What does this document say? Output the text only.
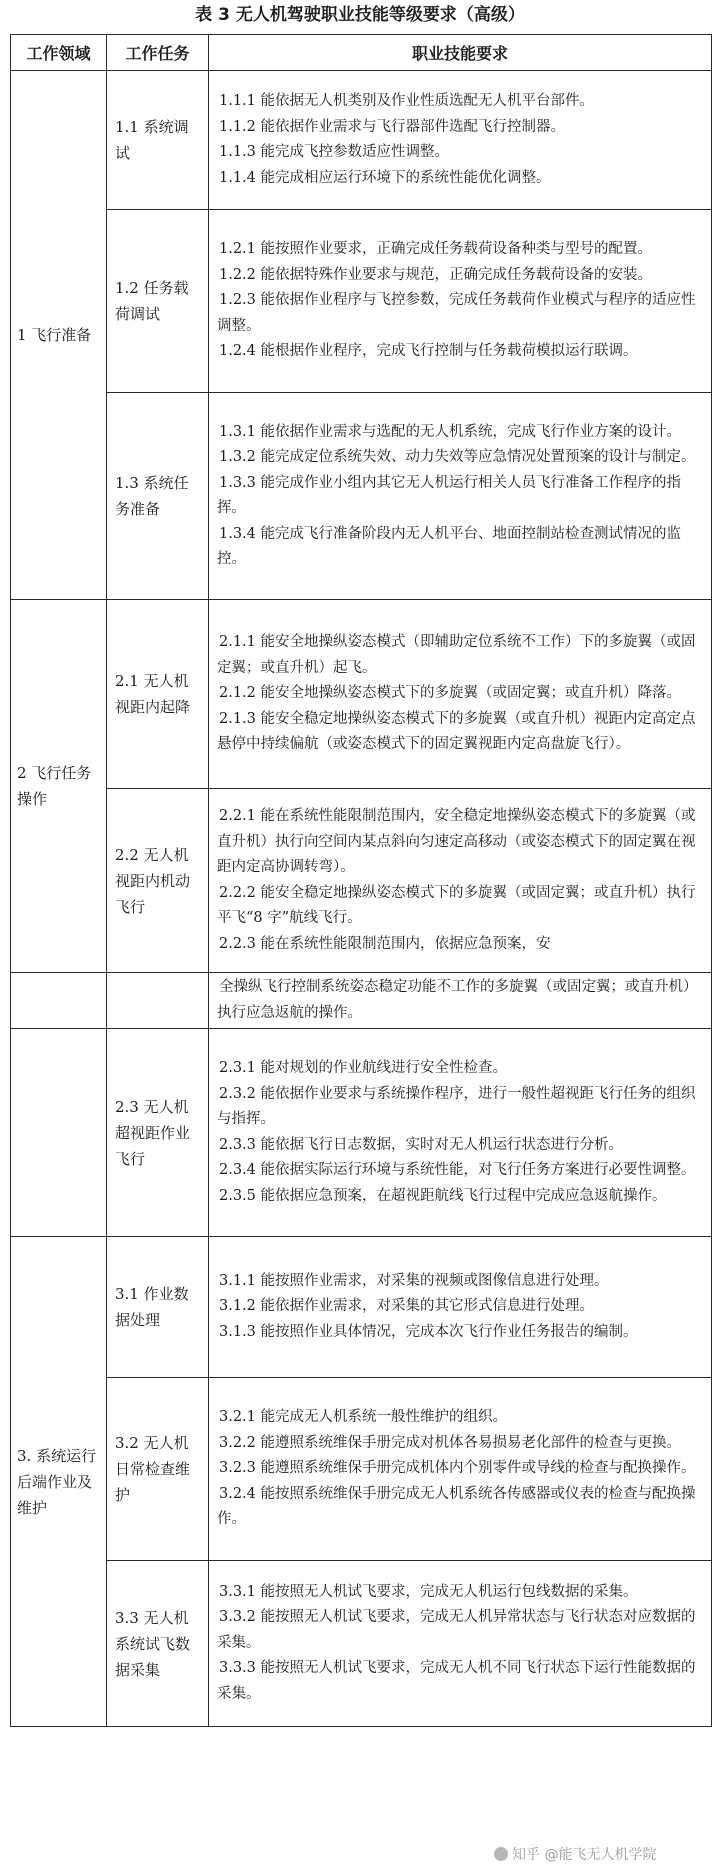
表 3 无人机驾驶职业技能等级要求（高级）
工作领域	工作任务	职业技能要求
1 飞行准备	1.1 系统调试	1.1.1 能依据无人机类别及作业性质选配无人机平台部件。

1.1.2 能依据作业需求与飞行器部件选配飞行控制器。

1.1.3 能完成飞控参数适应性调整。

1.1.4 能完成相应运行环境下的系统性能优化调整。

	1.2 任务载荷调试	1.2.1 能按照作业要求，正确完成任务载荷设备种类与型号的配置。

1.2.2 能依据特殊作业要求与规范，正确完成任务载荷设备的安装。

1.2.3 能依据作业程序与飞控参数，完成任务载荷作业模式与程序的适应性调整。

1.2.4 能根据作业程序，完成飞行控制与任务载荷模拟运行联调。

	1.3 系统任务准备	1.3.1 能依据作业需求与选配的无人机系统，完成飞行作业方案的设计。

1.3.2 能完成定位系统失效、动力失效等应急情况处置预案的设计与制定。

1.3.3 能完成作业小组内其它无人机运行相关人员飞行准备工作程序的指挥。

1.3.4 能完成飞行准备阶段内无人机平台、地面控制站检查测试情况的监控。

2 飞行任务操作	2.1 无人机视距内起降	2.1.1 能安全地操纵姿态模式（即辅助定位系统不工作）下的多旋翼（或固定翼；或直升机）起飞。

2.1.2 能安全地操纵姿态模式下的多旋翼（或固定翼；或直升机）降落。

2.1.3 能安全稳定地操纵姿态模式下的多旋翼（或直升机）视距内定高定点悬停中持续偏航（或姿态模式下的固定翼视距内定高盘旋飞行）。

	2.2 无人机视距内机动飞行	2.2.1 能在系统性能限制范围内，安全稳定地操纵姿态模式下的多旋翼（或直升机）执行向空间内某点斜向匀速定高移动（或姿态模式下的固定翼在视距内定高协调转弯）。

2.2.2 能安全稳定地操纵姿态模式下的多旋翼（或固定翼；或直升机）执行平飞“8 字”航线飞行。

2.2.3 能在系统性能限制范围内，依据应急预案，安

		全操纵飞行控制系统姿态稳定功能不工作的多旋翼（或固定翼；或直升机）执行应急返航的操作。

	2.3 无人机超视距作业飞行	2.3.1 能对规划的作业航线进行安全性检查。

2.3.2 能依据作业要求与系统操作程序，进行一般性超视距飞行任务的组织与指挥。

2.3.3 能依据飞行日志数据，实时对无人机运行状态进行分析。

2.3.4 能依据实际运行环境与系统性能，对飞行任务方案进行必要性调整。

2.3.5 能依据应急预案，在超视距航线飞行过程中完成应急返航操作。

3. 系统运行后端作业及维护	3.1 作业数据处理	3.1.1 能按照作业需求，对采集的视频或图像信息进行处理。

3.1.2 能依据作业需求，对采集的其它形式信息进行处理。

3.1.3 能按照作业具体情况，完成本次飞行作业任务报告的编制。

	3.2 无人机日常检查维护	3.2.1 能完成无人机系统一般性维护的组织。

3.2.2 能遵照系统维保手册完成对机体各易损易老化部件的检查与更换。

3.2.3 能遵照系统维保手册完成机体内个别零件或导线的检查与配换操作。

3.2.4 能按照系统维保手册完成无人机系统各传感器或仪表的检查与配换操作。

	3.3 无人机系统试飞数据采集	3.3.1 能按照无人机试飞要求，完成无人机运行包线数据的采集。

3.3.2 能按照无人机试飞要求，完成无人机异常状态与飞行状态对应数据的采集。

3.3.3 能按照无人机试飞要求，完成无人机不同飞行状态下运行性能数据的采集。

知乎 @能飞无人机学院
